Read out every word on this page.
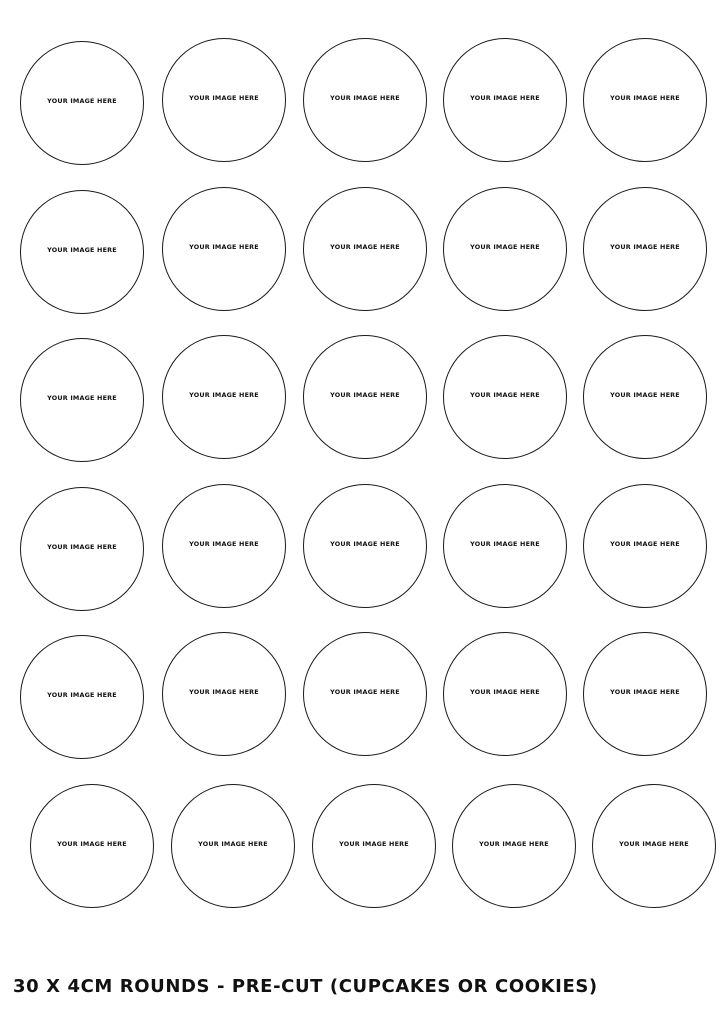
YOUR IMAGE HERE	YOUR IMAGE HERE	YOUR IMAGE HERE	YOUR IMAGE HERE	YOUR IMAGE HERE
YOUR IMAGE HERE	YOUR IMAGE HERE	YOUR IMAGE HERE	YOUR IMAGE HERE	YOUR IMAGE HERE
YOUR IMAGE HERE	YOUR IMAGE HERE	YOUR IMAGE HERE	YOUR IMAGE HERE	YOUR IMAGE HERE
YOUR IMAGE HERE	YOUR IMAGE HERE	YOUR IMAGE HERE	YOUR IMAGE HERE	YOUR IMAGE HERE
YOUR IMAGE HERE	YOUR IMAGE HERE	YOUR IMAGE HERE	YOUR IMAGE HERE	YOUR IMAGE HERE
YOUR IMAGE HERE	YOUR IMAGE HERE	YOUR IMAGE HERE	YOUR IMAGE HERE	YOUR IMAGE HERE
30 X 4CM ROUNDS - PRE-CUT (CUPCAKES OR COOKIES)
